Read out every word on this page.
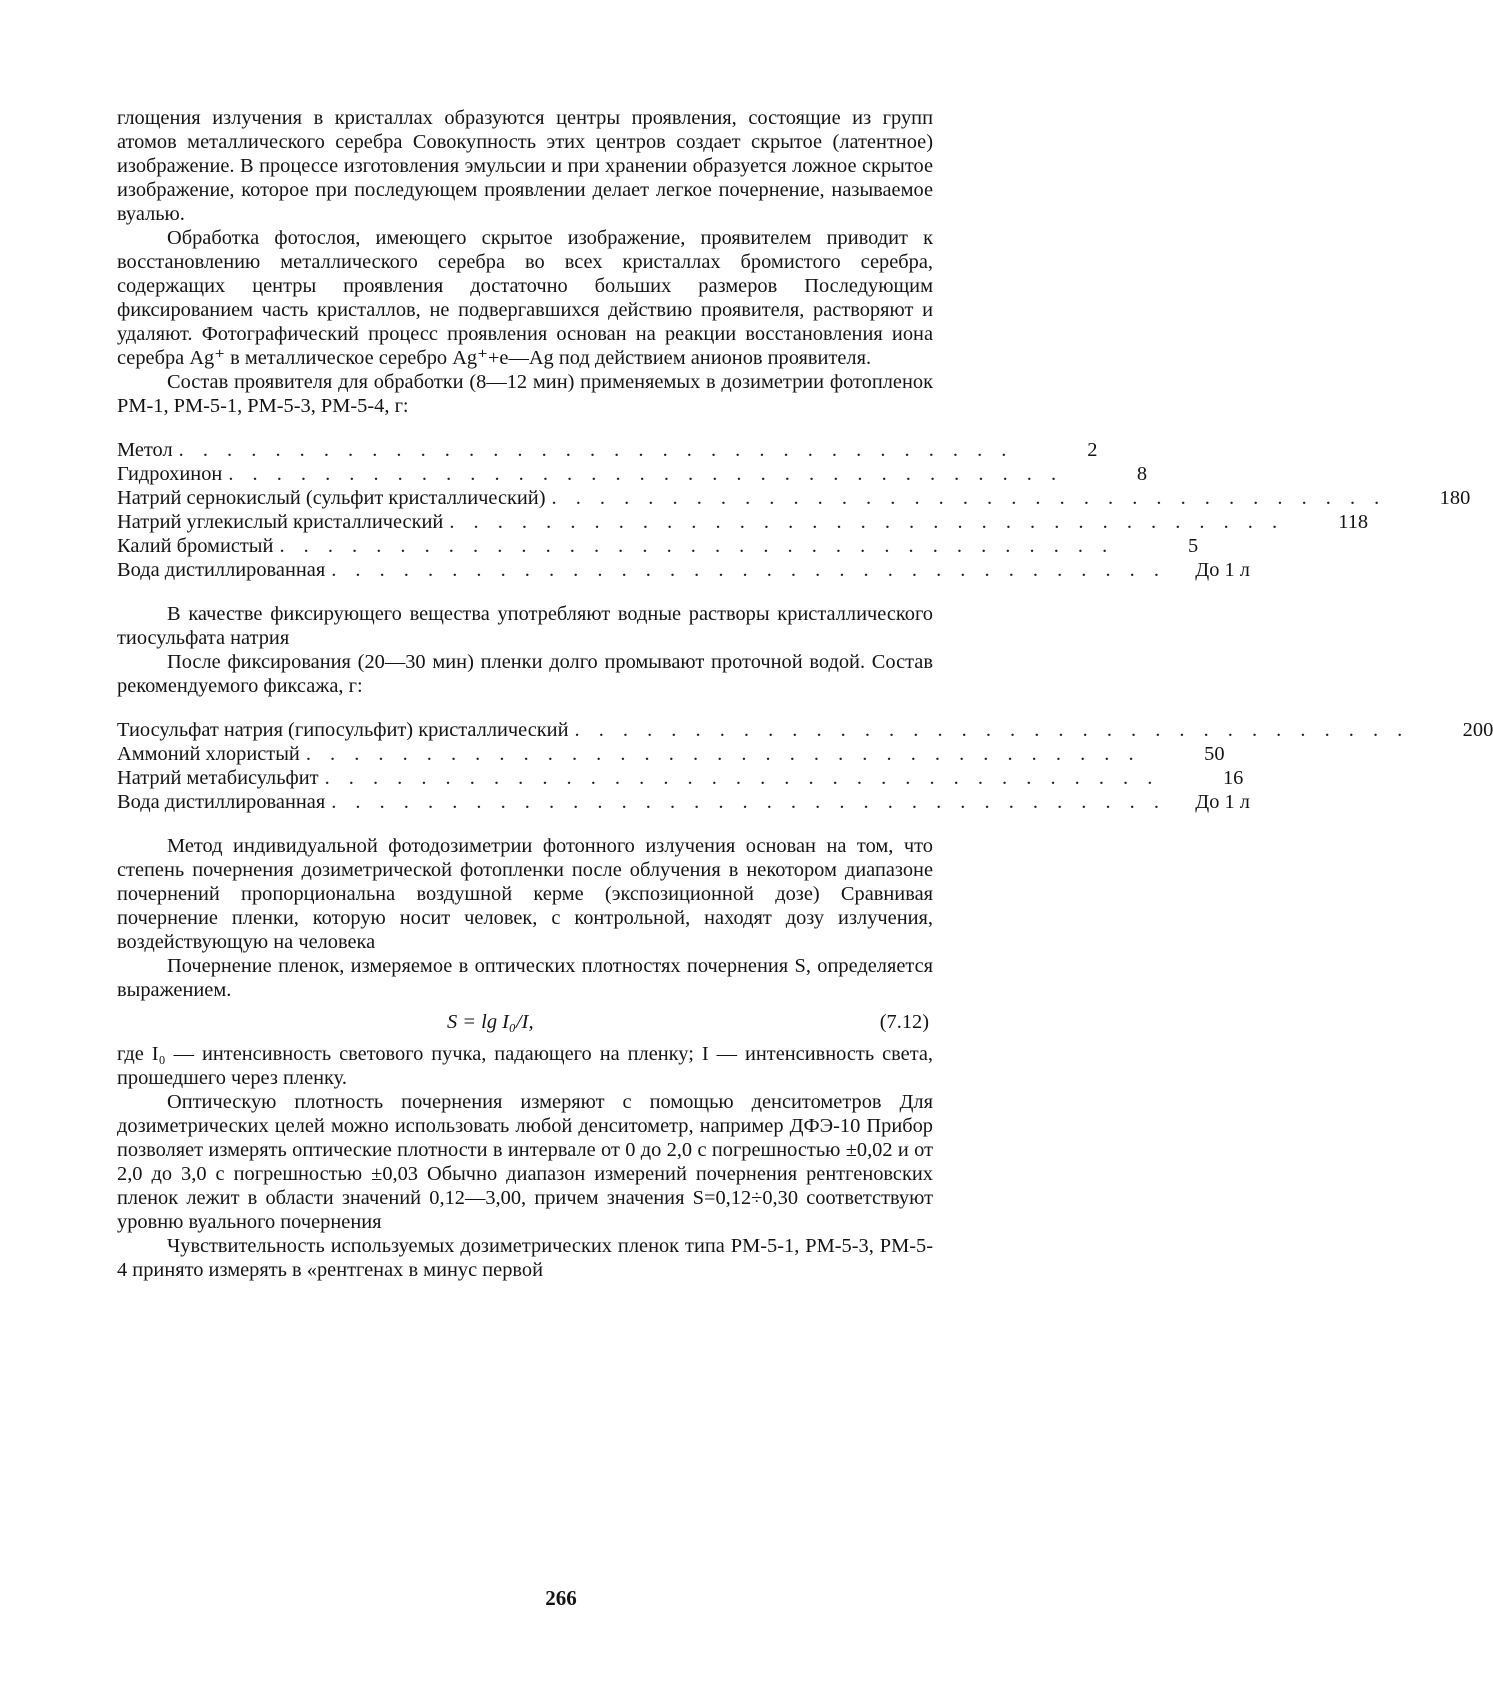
глощения излучения в кристаллах образуются центры проявления, состоящие из групп атомов металлического серебра Совокупность этих центров создает скрытое (латентное) изображение. В процессе изготовления эмульсии и при хранении образуется ложное скрытое изображение, которое при последующем проявлении делает легкое почернение, называемое вуалью.

Обработка фотослоя, имеющего скрытое изображение, проявителем приводит к восстановлению металлического серебра во всех кристаллах бромистого серебра, содержащих центры проявления достаточно больших размеров Последующим фиксированием часть кристаллов, не подвергавшихся действию проявителя, растворяют и удаляют. Фотографический процесс проявления основан на реакции восстановления иона серебра Ag⁺ в металлическое серебро Ag⁺+e—Ag под действием анионов проявителя.

Состав проявителя для обработки (8—12 мин) применяемых в дозиметрии фотопленок РМ-1, РМ-5-1, РМ-5-3, РМ-5-4, г:

Метол . . . . . . . . . . . . . . . . . . . . . . . . . . . . . . . . . . .	2
Гидрохинон . . . . . . . . . . . . . . . . . . . . . . . . . . . . . . . . . . .	8
Натрий сернокислый (сульфит кристаллический) . . . . . . . . . . . . . . . . . . . . . . . . . . . . . . . . . . .	180
Натрий углекислый кристаллический . . . . . . . . . . . . . . . . . . . . . . . . . . . . . . . . . . .	118
Калий бромистый . . . . . . . . . . . . . . . . . . . . . . . . . . . . . . . . . . .	5
Вода дистиллированная . . . . . . . . . . . . . . . . . . . . . . . . . . . . . . . . . . .	До 1 л

В качестве фиксирующего вещества употребляют водные растворы кристаллического тиосульфата натрия

После фиксирования (20—30 мин) пленки долго промывают проточной водой. Состав рекомендуемого фиксажа, г:

Тиосульфат натрия (гипосульфит) кристаллический . . . . . . . . . . . . . . . . . . . . . . . . . . . . . . . . . . .	200
Аммоний хлористый . . . . . . . . . . . . . . . . . . . . . . . . . . . . . . . . . . .	50
Натрий метабисульфит . . . . . . . . . . . . . . . . . . . . . . . . . . . . . . . . . . .	16
Вода дистиллированная . . . . . . . . . . . . . . . . . . . . . . . . . . . . . . . . . . .	До 1 л

Метод индивидуальной фотодозиметрии фотонного излучения основан на том, что степень почернения дозиметрической фотопленки после облучения в некотором диапазоне почернений пропорциональна воздушной керме (экспозиционной дозе) Сравнивая почернение пленки, которую носит человек, с контрольной, находят дозу излучения, воздействующую на человека

Почернение пленок, измеряемое в оптических плотностях почернения S, определяется выражением.

S = lg I₀/I,	(7.12)

где I₀ — интенсивность светового пучка, падающего на пленку; I — интенсивность света, прошедшего через пленку.

Оптическую плотность почернения измеряют с помощью денситометров Для дозиметрических целей можно использовать любой денситометр, например ДФЭ-10 Прибор позволяет измерять оптические плотности в интервале от 0 до 2,0 с погрешностью ±0,02 и от 2,0 до 3,0 с погрешностью ±0,03 Обычно диапазон измерений почернения рентгеновских пленок лежит в области значений 0,12—3,00, причем значения S=0,12÷0,30 соответствуют уровню вуального почернения

Чувствительность используемых дозиметрических пленок типа РМ-5-1, РМ-5-3, РМ-5-4 принято измерять в «рентгенах в минус первой

266
